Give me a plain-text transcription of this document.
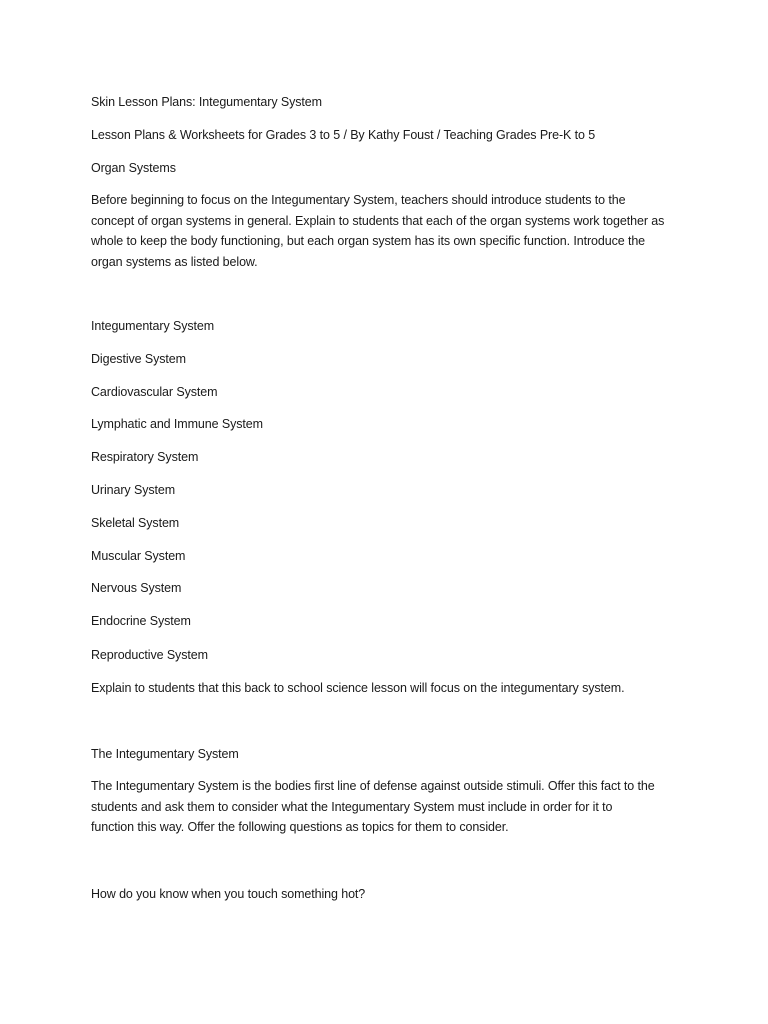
Skin Lesson Plans: Integumentary System
Lesson Plans & Worksheets for Grades 3 to 5 / By Kathy Foust / Teaching Grades Pre-K to 5
Organ Systems
Before beginning to focus on the Integumentary System, teachers should introduce students to the
concept of organ systems in general. Explain to students that each of the organ systems work together as
whole to keep the body functioning, but each organ system has its own specific function. Introduce the
organ systems as listed below.
Integumentary System
Digestive System
Cardiovascular System
Lymphatic and Immune System
Respiratory System
Urinary System
Skeletal System
Muscular System
Nervous System
Endocrine System
Reproductive System
Explain to students that this back to school science lesson will focus on the integumentary system.
The Integumentary System
The Integumentary System is the bodies first line of defense against outside stimuli. Offer this fact to the
students and ask them to consider what the Integumentary System must include in order for it to
function this way. Offer the following questions as topics for them to consider.
How do you know when you touch something hot?
